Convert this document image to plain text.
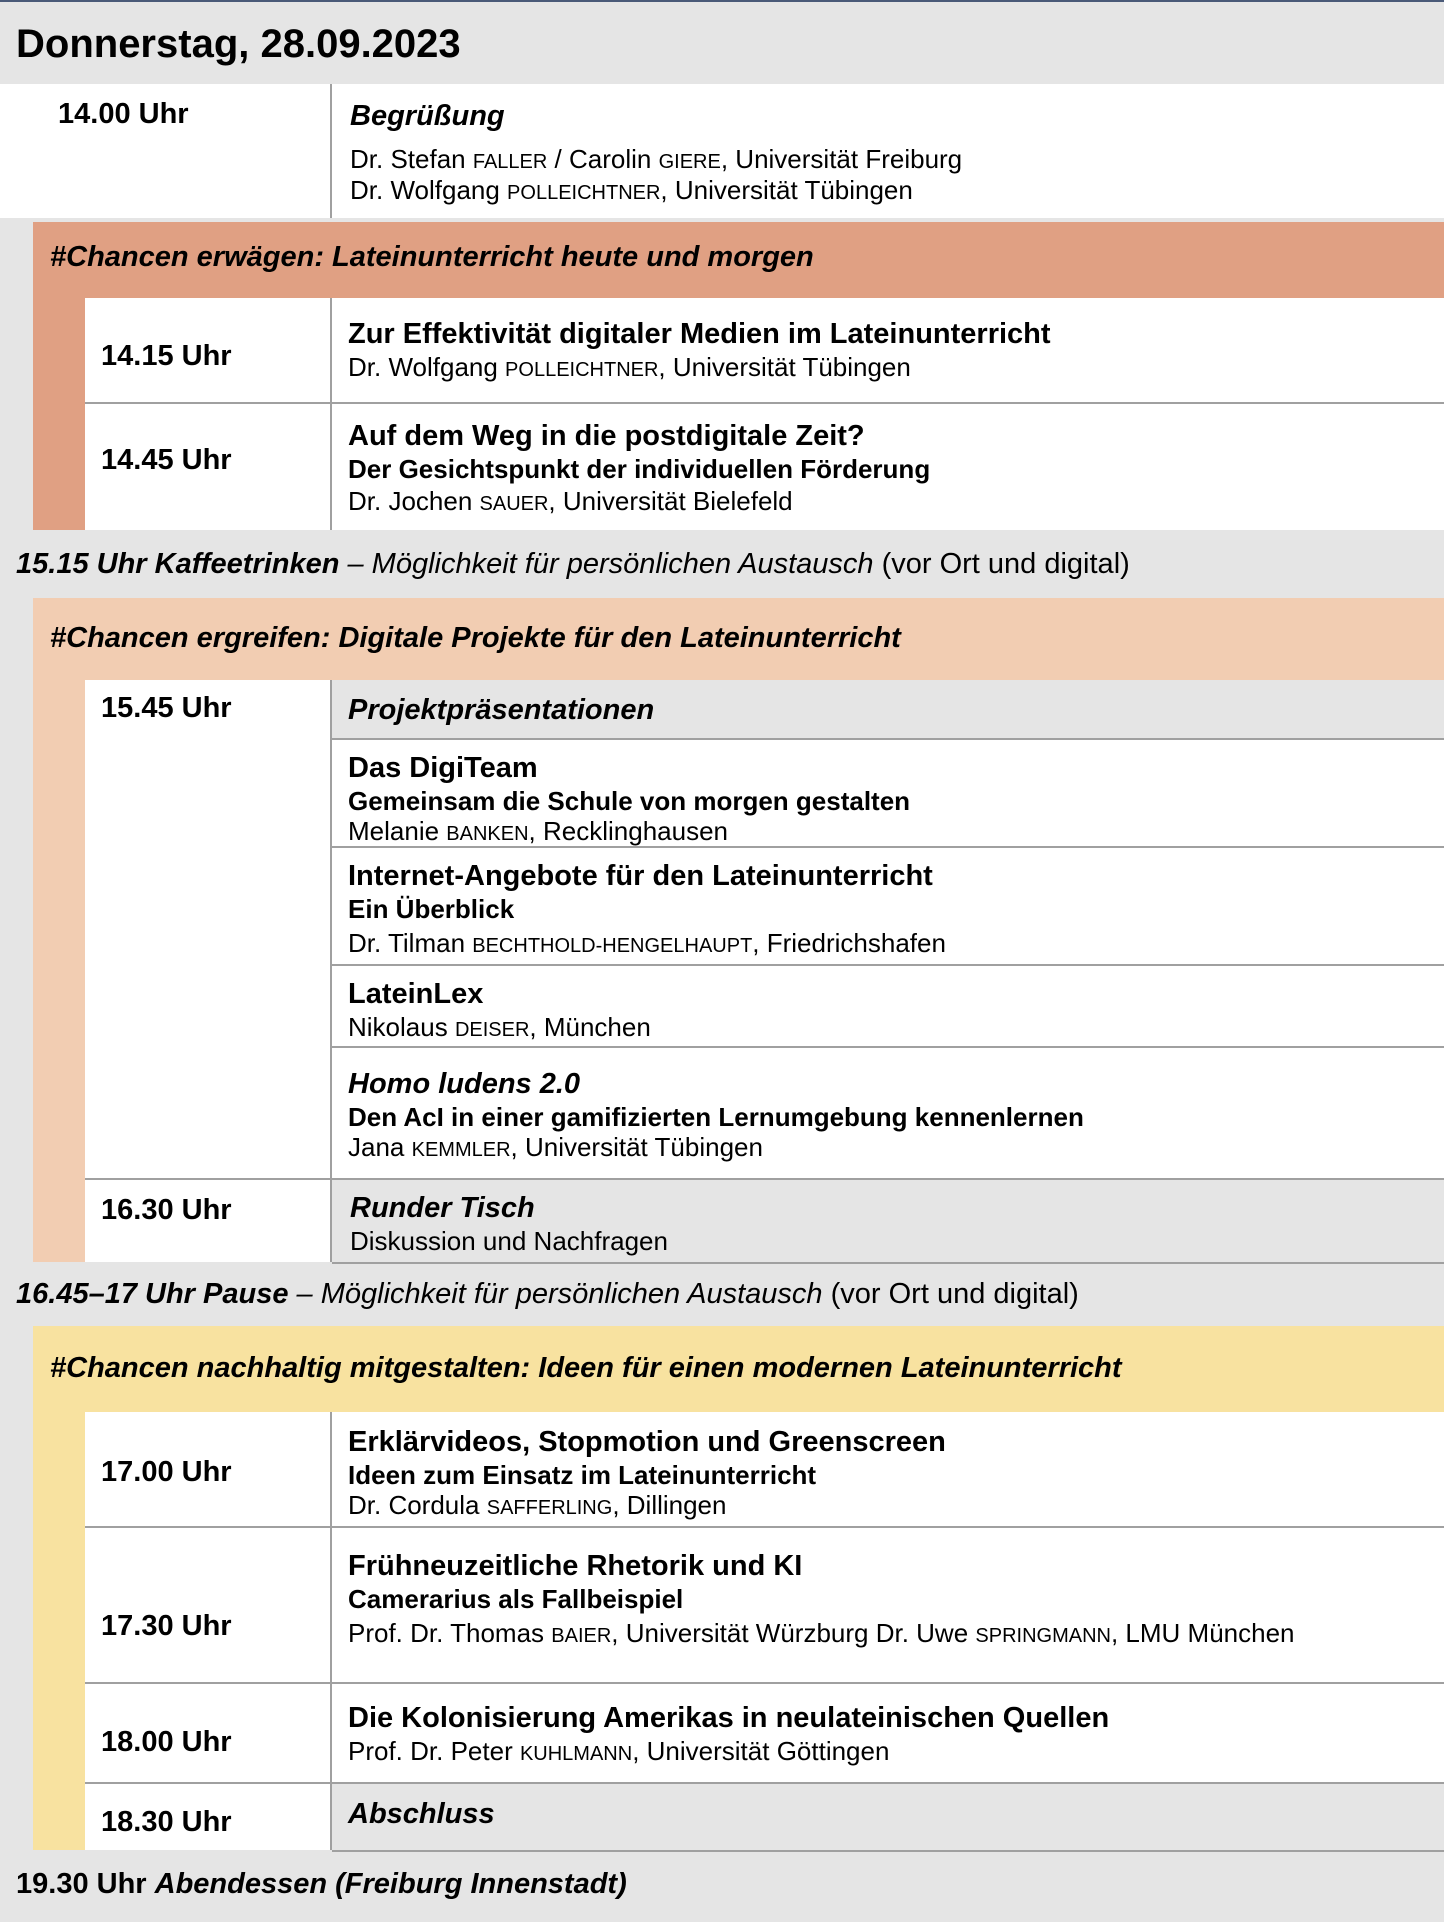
Donnerstag, 28.09.2023
14.00 Uhr	Begrüßung
Dr. Stefan FALLER / Carolin GIERE, Universität Freiburg
Dr. Wolfgang POLLEICHTNER, Universität Tübingen
#Chancen erwägen: Lateinunterricht heute und morgen
14.15 Uhr
Zur Effektivität digitaler Medien im Lateinunterricht
Dr. Wolfgang POLLEICHTNER, Universität Tübingen
14.45 Uhr
Auf dem Weg in die postdigitale Zeit?
Der Gesichtspunkt der individuellen Förderung
Dr. Jochen SAUER, Universität Bielefeld
15.15 Uhr Kaffeetrinken – Möglichkeit für persönlichen Austausch (vor Ort und digital)
#Chancen ergreifen: Digitale Projekte für den Lateinunterricht
15.45 Uhr	Projektpräsentationen
Das DigiTeam
Gemeinsam die Schule von morgen gestalten
Melanie BANKEN, Recklinghausen
Internet-Angebote für den Lateinunterricht
Ein Überblick
Dr. Tilman BECHTHOLD-HENGELHAUPT, Friedrichshafen
LateinLex
Nikolaus DEISER, München
Homo ludens 2.0
Den AcI in einer gamifizierten Lernumgebung kennenlernen
Jana KEMMLER, Universität Tübingen
16.30 Uhr	Runder Tisch
Diskussion und Nachfragen
16.45–17 Uhr Pause – Möglichkeit für persönlichen Austausch (vor Ort und digital)
#Chancen nachhaltig mitgestalten: Ideen für einen modernen Lateinunterricht
17.00 Uhr
Erklärvideos, Stopmotion und Greenscreen
Ideen zum Einsatz im Lateinunterricht
Dr. Cordula SAFFERLING, Dillingen
17.30 Uhr
Frühneuzeitliche Rhetorik und KI
Camerarius als Fallbeispiel
Prof. Dr. Thomas BAIER, Universität Würzburg Dr. Uwe SPRINGMANN, LMU München
18.00 Uhr
Die Kolonisierung Amerikas in neulateinischen Quellen
Prof. Dr. Peter KUHLMANN, Universität Göttingen
18.30 Uhr	Abschluss
19.30 Uhr Abendessen (Freiburg Innenstadt)
